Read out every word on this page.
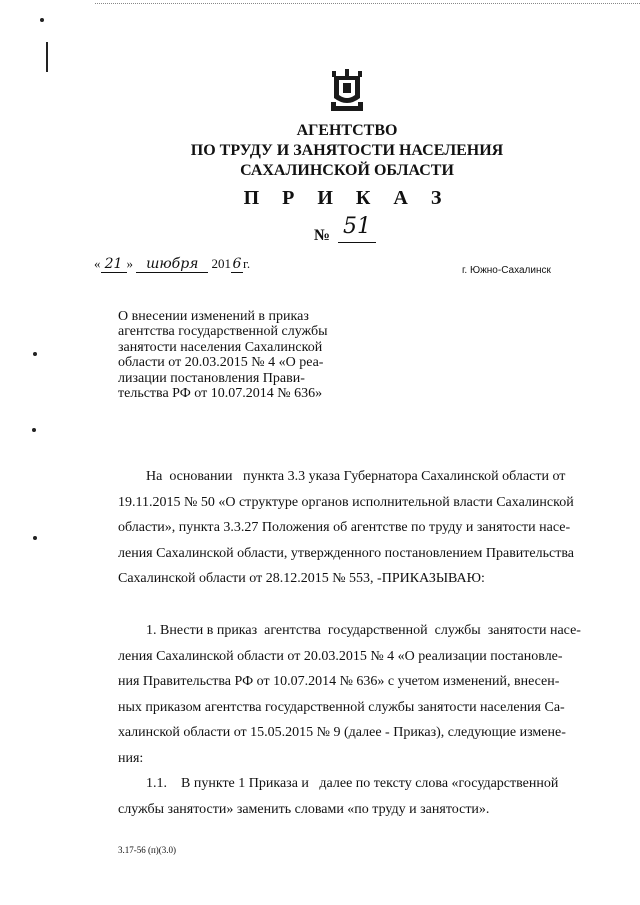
АГЕНТСТВО
ПО ТРУДУ И ЗАНЯТОСТИ НАСЕЛЕНИЯ
САХАЛИНСКОЙ ОБЛАСТИ
П Р И К А З
№ 51
« 21 » шюбря 201 6 г.	г. Южно-Сахалинск
О внесении изменений в приказ
агентства государственной службы
занятости населения Сахалинской
области от 20.03.2015 № 4 «О реа-
лизации постановления Прави-
тельства РФ от 10.07.2014 № 636»
На  основании   пункта 3.3 указа Губернатора Сахалинской области от
19.11.2015 № 50 «О структуре органов исполнительной власти Сахалинской
области», пункта 3.3.27 Положения об агентстве по труду и занятости насе-
ления Сахалинской области, утвержденного постановлением Правительства
Сахалинской области от 28.12.2015 № 553, -ПРИКАЗЫВАЮ:
1. Внести в приказ  агентства  государственной  службы  занятости насе-
ления Сахалинской области от 20.03.2015 № 4 «О реализации постановле-
ния Правительства РФ от 10.07.2014 № 636» с учетом изменений, внесен-
ных приказом агентства государственной службы занятости населения Са-
халинской области от 15.05.2015 № 9 (далее - Приказ), следующие измене-
ния:
1.1.    В пункте 1 Приказа и   далее по тексту слова «государственной
службы занятости» заменить словами «по труду и занятости».
3.17-56 (п)(3.0)
